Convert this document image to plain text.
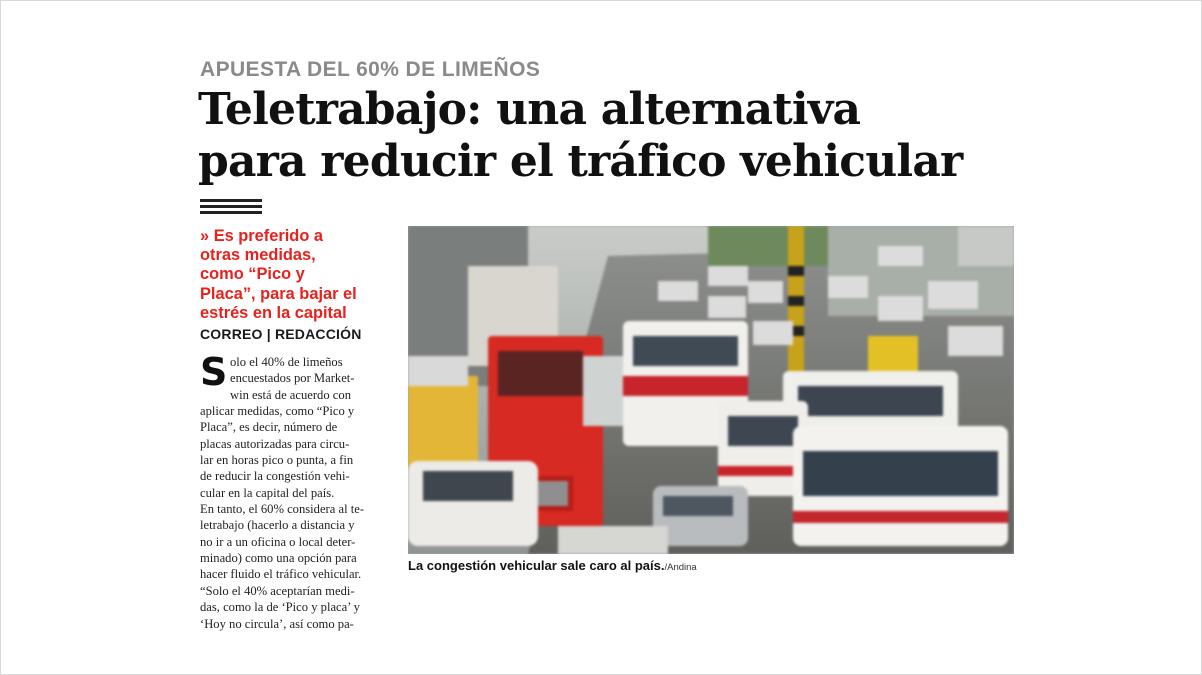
APUESTA DEL 60% DE LIMEÑOS
Teletrabajo: una alternativa
para reducir el tráfico vehicular
» Es preferido a
otras medidas,
como “Pico y
Placa”, para bajar el
estrés en la capital
CORREO | REDACCIÓN
S olo el 40% de limeños
encuestados por Market-
win está de acuerdo con
aplicar medidas, como “Pico y
Placa”, es decir, número de
placas autorizadas para circu-
lar en horas pico o punta, a fin
de reducir la congestión vehi-
cular en la capital del país.
En tanto, el 60% considera al te-
letrabajo (hacerlo a distancia y
no ir a un oficina o local deter-
minado) como una opción para
hacer fluido el tráfico vehicular.
“Solo el 40% aceptarían medi-
das, como la de ‘Pico y placa’ y
‘Hoy no circula’, así como pa-
La congestión vehicular sale caro al país./Andina
